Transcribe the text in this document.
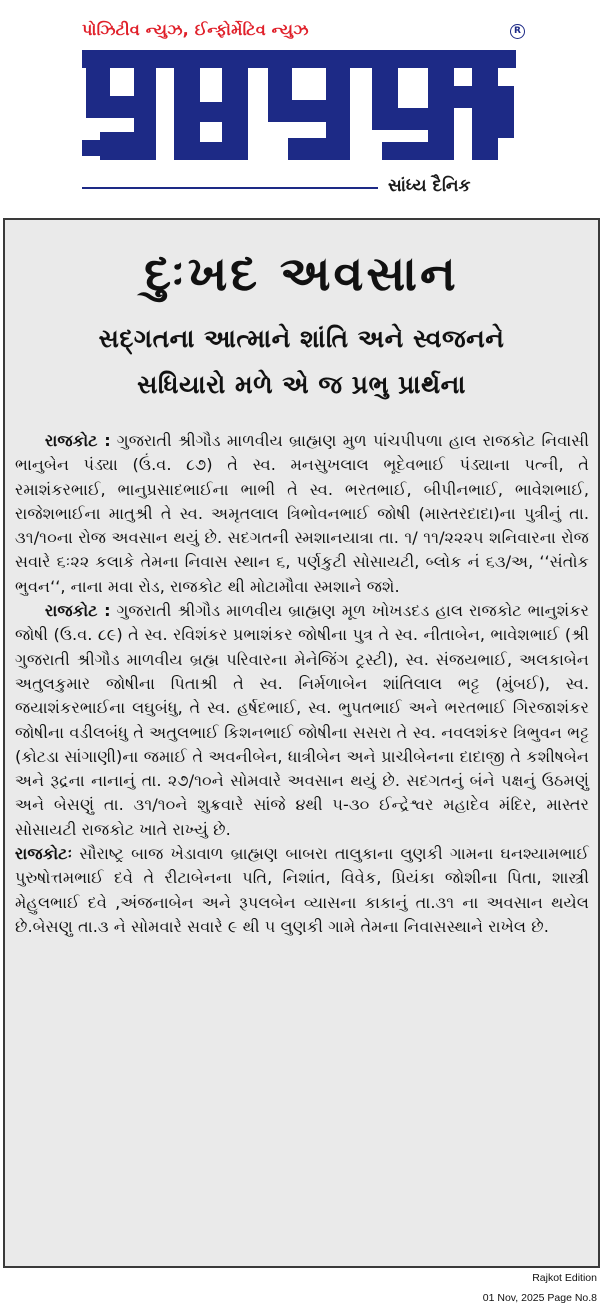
પોઝિટીવ ન્યુઝ, ઈન્ફોર્મેટિવ ન્યુઝ	R
સાંધ્ય દૈનિક
દુઃખદ અવસાન
સદ્ગતના આત્માને શાંતિ અને સ્વજનને
સધિયારો મળે એ જ પ્રભુ પ્રાર્થના

રાજકોટ : ગુજરાતી શ્રીગૌડ માળવીય બ્રાહ્મણ મુળ પાંચપીપળા હાલ રાજકોટ નિવાસી ભાનુબેન પંડ્યા (ઉં.વ. ૮૭) તે સ્વ. મનસુખલાલ ભૂદેવભાઈ પંડ્યાના પત્ની, તે રમાશંકરભાઈ, ભાનુપ્રસાદભાઈના ભાભી તે સ્વ. ભરતભાઈ, બીપીનભાઈ, ભાવેશભાઈ, રાજેશભાઈના માતુશ્રી તે સ્વ. અમૃતલાલ ત્રિભોવનભાઈ જોષી (માસ્તરદાદા)ના પુત્રીનું તા. ૩૧/૧૦ના રોજ અવસાન થયું છે. સદગતની સ્મશાનયાત્રા તા. ૧/ ૧૧/૨૨૨૫ શનિવારના રોજ સવારે ૬ઃ૨૨ કલાકે તેમના નિવાસ સ્થાન ૬, પર્ણકુટી સોસાયટી, બ્લોક નં ૬૩/અ, ‘‘સંતોક ભુવન‘‘, નાના મવા રોડ, રાજકોટ થી મોટામૌવા સ્મશાને જશે.

રાજકોટ : ગુજરાતી શ્રીગૌડ માળવીય બ્રાહ્મણ મૂળ ખોખડદડ હાલ રાજકોટ ભાનુશંકર જોષી (ઉ.વ. ૮૯) તે સ્વ. રવિશંકર પ્રભાશંકર જોષીના પુત્ર તે સ્વ. નીતાબેન, ભાવેશભાઈ (શ્રી ગુજરાતી શ્રીગૌડ માળવીય બ્રહ્મ પરિવારના મેનેજિંગ ટ્રસ્ટી), સ્વ. સંજયભાઈ, અલકાબેન અતુલકુમાર જોષીના પિતાશ્રી તે સ્વ. નિર્મળાબેન શાંતિલાલ ભટ્ટ (મુંબઈ), સ્વ. જયાશંકરભાઈના લઘુબંધુ, તે સ્વ. હર્ષદભાઈ, સ્વ. ભુપતભાઈ અને ભરતભાઈ ગિરજાશંકર જોષીના વડીલબંધુ તે અતુલભાઈ કિશનભાઈ જોષીના સસરા તે સ્વ. નવલશંકર ત્રિભુવન ભટ્ટ (કોટડા સાંગાણી)ના જમાઈ તે અવનીબેન, ધાત્રીબેન અને પ્રાચીબેનના દાદાજી તે કશીષબેન અને રૂદ્રના નાનાનું તા. ૨૭/૧૦ને સોમવારે અવસાન થયું છે. સદગતનું બંને પક્ષનું ઉઠમણું અને બેસણું તા. ૩૧/૧૦ને શુક્રવારે સાંજે ૪થી ૫-૩૦ ઈન્દ્રેશ્વર મહાદેવ મંદિર, માસ્તર સોસાયટી રાજકોટ ખાતે રાખ્યું છે.

રાજકોટઃ સૌરાષ્ટ્ર બાજ ખેડાવાળ બ્રાહ્મણ બાબરા તાલુકાના લુણકી ગામના ઘનશ્યામભાઈ પુરુષોત્તમભાઈ દવે તે રીટાબેનના પતિ, નિશાંત, વિવેક, પ્રિયંકા જોશીના પિતા, શાસ્ત્રી મેહુલભાઈ દવે ,અંજનાબેન અને રૂપલબેન વ્યાસના કાકાનું તા.૩૧ ના અવસાન થયેલ છે.બેસણુ તા.૩ ને સોમવારે સવારે ૯ થી ૫ લુણકી ગામે તેમના નિવાસસ્થાને રાખેલ છે.

Rajkot Edition
01 Nov, 2025 Page No.8
